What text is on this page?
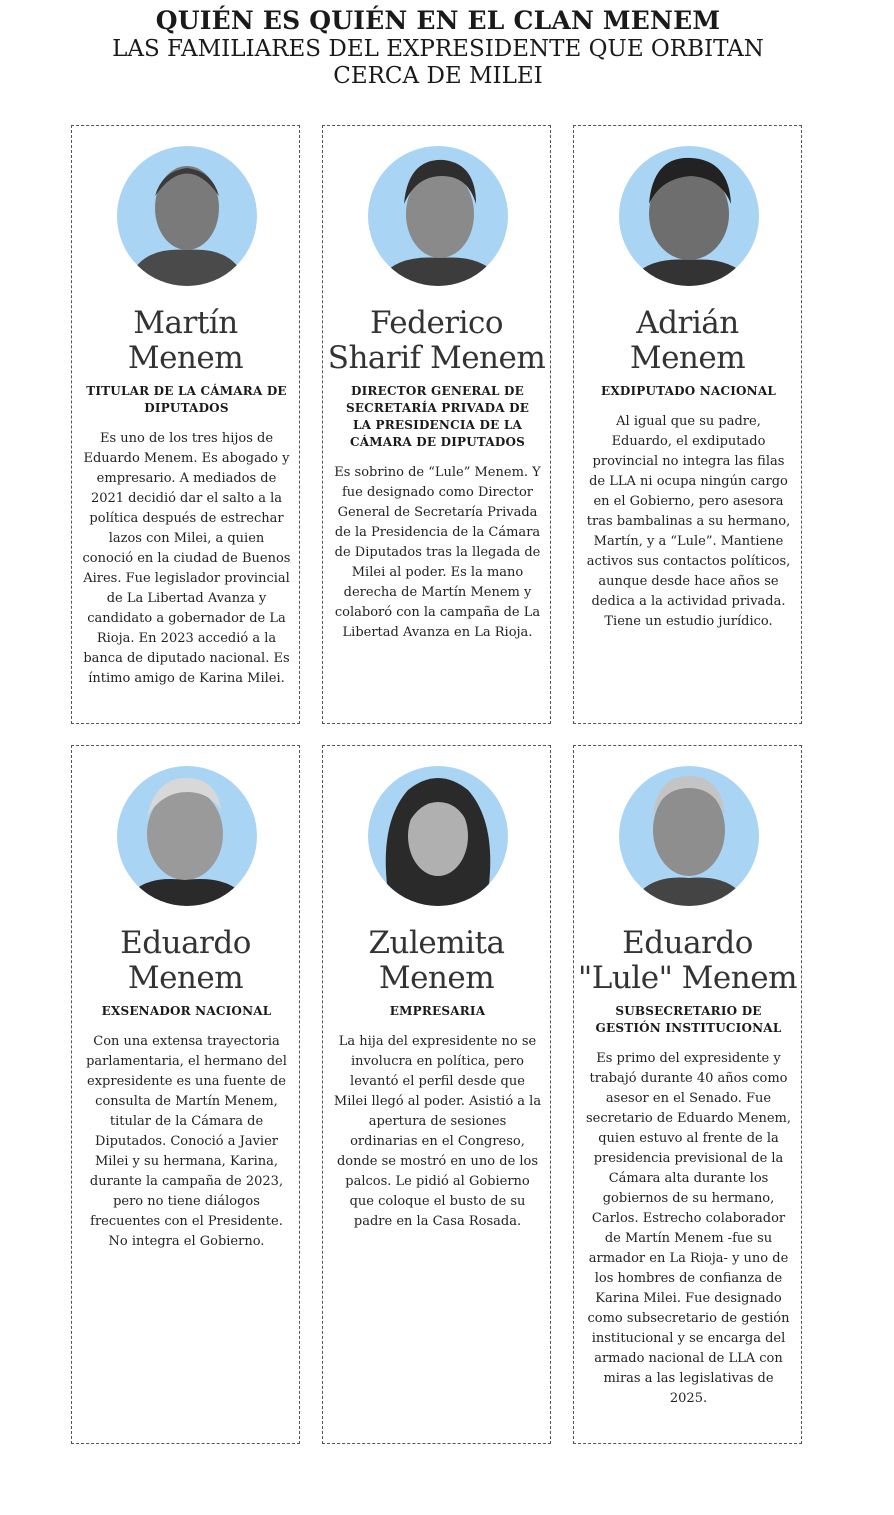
QUIÉN ES QUIÉN EN EL CLAN MENEM
LAS FAMILIARES DEL EXPRESIDENTE QUE ORBITAN CERCA DE MILEI
Martín
Menem
TITULAR DE LA CÁMARA DE DIPUTADOS
Es uno de los tres hijos de Eduardo Menem. Es abogado y empresario. A mediados de 2021 decidió dar el salto a la política después de estrechar lazos con Milei, a quien conoció en la ciudad de Buenos Aires. Fue legislador provincial de La Libertad Avanza y candidato a gobernador de La Rioja. En 2023 accedió a la banca de diputado nacional. Es íntimo amigo de Karina Milei.
Federico
Sharif Menem
DIRECTOR GENERAL DE SECRETARÍA PRIVADA DE LA PRESIDENCIA DE LA CÁMARA DE DIPUTADOS
Es sobrino de “Lule” Menem. Y fue designado como Director General de Secretaría Privada de la Presidencia de la Cámara de Diputados tras la llegada de Milei al poder. Es la mano derecha de Martín Menem y colaboró con la campaña de La Libertad Avanza en La Rioja.
Adrián
Menem
EXDIPUTADO NACIONAL
Al igual que su padre, Eduardo, el exdiputado provincial no integra las filas de LLA ni ocupa ningún cargo en el Gobierno, pero asesora tras bambalinas a su hermano, Martín, y a “Lule”. Mantiene activos sus contactos políticos, aunque desde hace años se dedica a la actividad privada. Tiene un estudio jurídico.
Eduardo
Menem
EXSENADOR NACIONAL
Con una extensa trayectoria parlamentaria, el hermano del expresidente es una fuente de consulta de Martín Menem, titular de la Cámara de Diputados. Conoció a Javier Milei y su hermana, Karina, durante la campaña de 2023, pero no tiene diálogos frecuentes con el Presidente. No integra el Gobierno.
Zulemita
Menem
EMPRESARIA
La hija del expresidente no se involucra en política, pero levantó el perfil desde que Milei llegó al poder. Asistió a la apertura de sesiones ordinarias en el Congreso, donde se mostró en uno de los palcos. Le pidió al Gobierno que coloque el busto de su padre en la Casa Rosada.
Eduardo
"Lule" Menem
SUBSECRETARIO DE GESTIÓN INSTITUCIONAL
Es primo del expresidente y trabajó durante 40 años como asesor en el Senado. Fue secretario de Eduardo Menem, quien estuvo al frente de la presidencia previsional de la Cámara alta durante los gobiernos de su hermano, Carlos. Estrecho colaborador de Martín Menem -fue su armador en La Rioja- y uno de los hombres de confianza de Karina Milei. Fue designado como subsecretario de gestión institucional y se encarga del armado nacional de LLA con miras a las legislativas de 2025.
